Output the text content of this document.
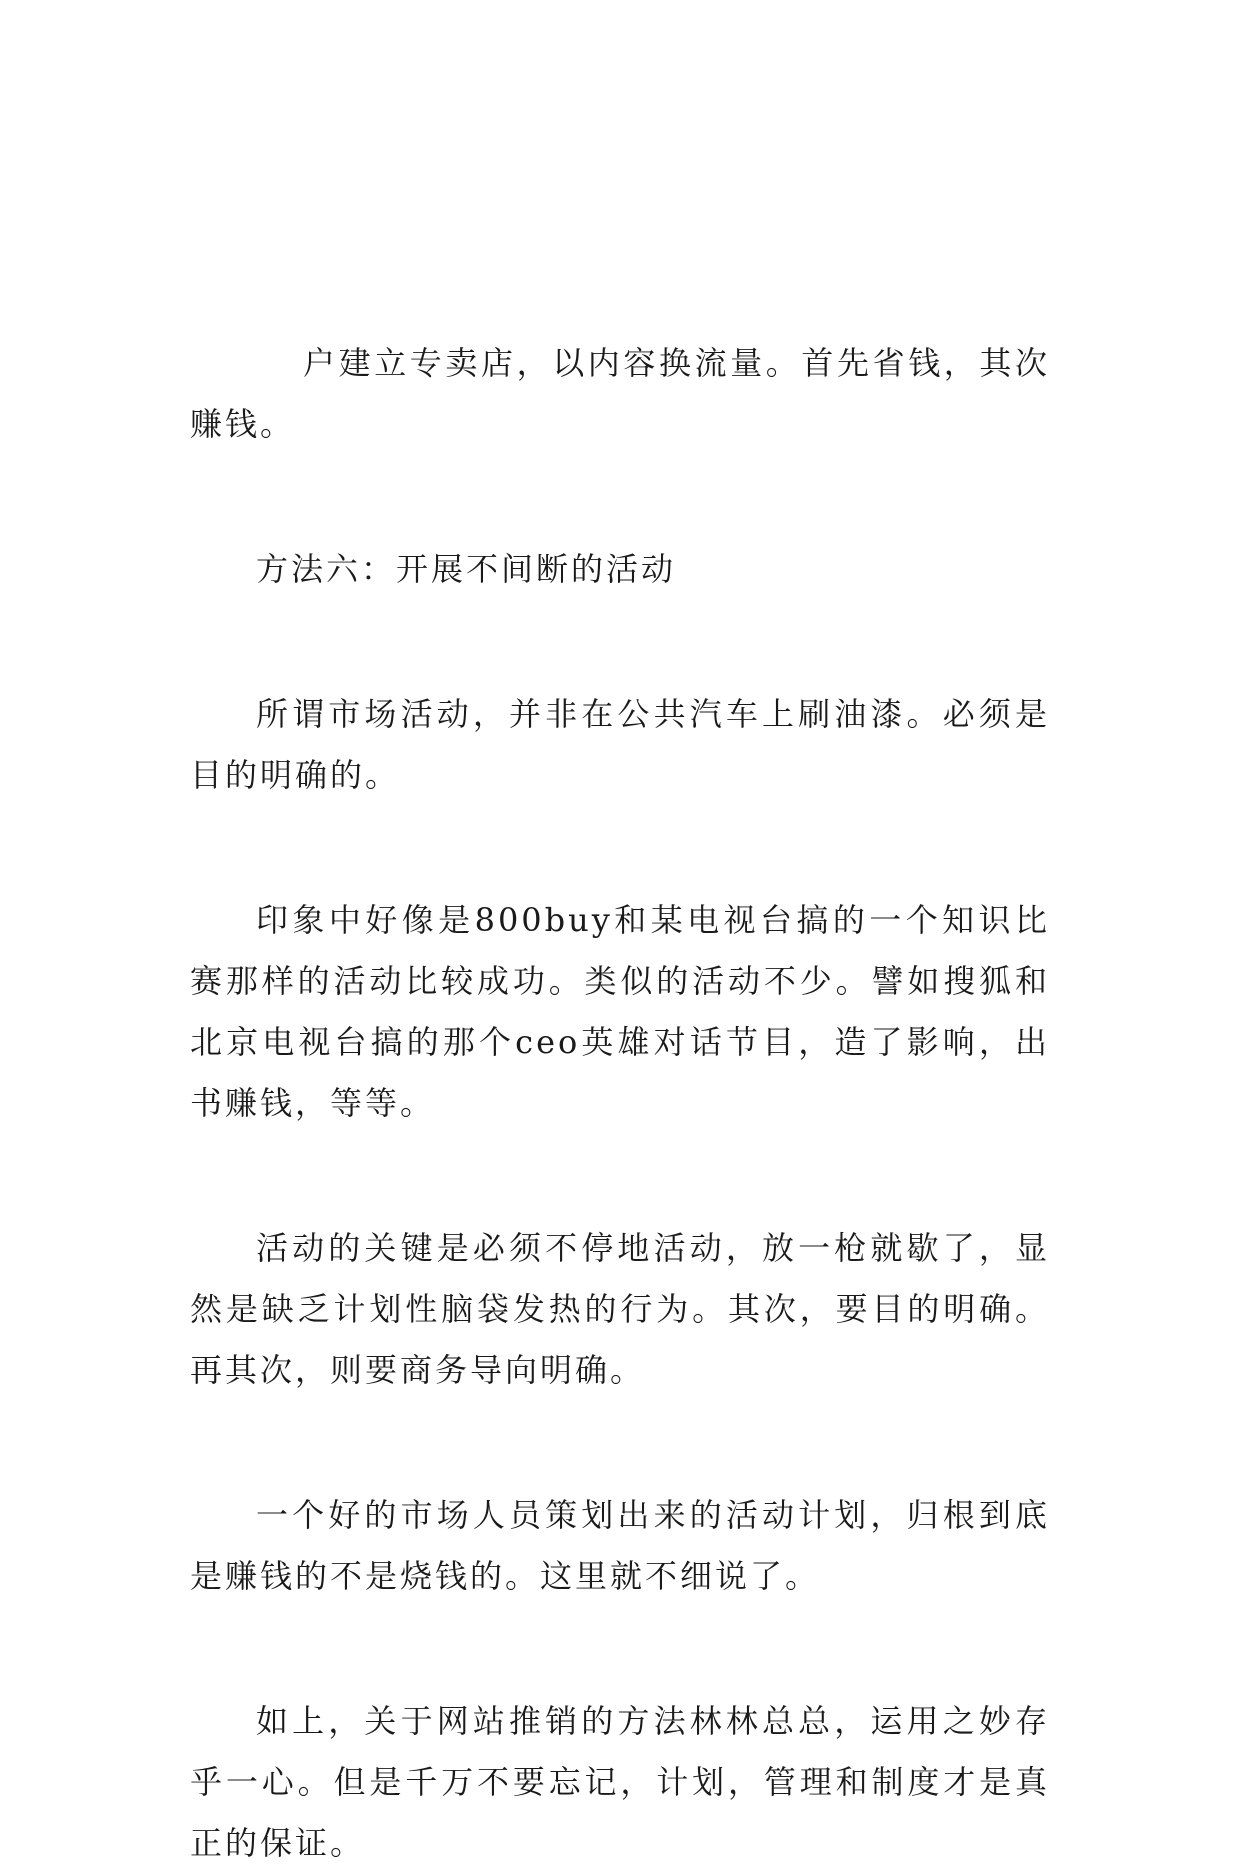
户建立专卖店，以内容换流量。首先省钱，其次赚钱。

方法六：开展不间断的活动

所谓市场活动，并非在公共汽车上刷油漆。必须是目的明确的。

印象中好像是800buy和某电视台搞的一个知识比赛那样的活动比较成功。类似的活动不少。譬如搜狐和北京电视台搞的那个ceo英雄对话节目，造了影响，出书赚钱，等等。

活动的关键是必须不停地活动，放一枪就歇了，显然是缺乏计划性脑袋发热的行为。其次，要目的明确。再其次，则要商务导向明确。

一个好的市场人员策划出来的活动计划，归根到底是赚钱的不是烧钱的。这里就不细说了。

如上，关于网站推销的方法林林总总，运用之妙存乎一心。但是千万不要忘记，计划，管理和制度才是真正的保证。
